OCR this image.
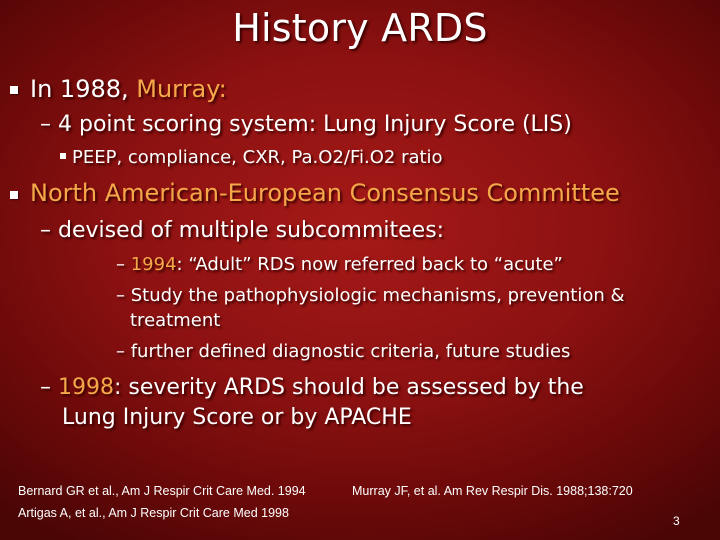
History ARDS
In 1988, Murray:
– 4 point scoring system: Lung Injury Score (LIS)
PEEP, compliance, CXR, Pa.O2/Fi.O2 ratio
North American-European Consensus Committee
– devised of multiple subcommitees:
– 1994: “Adult” RDS now referred back to “acute”
– Study the pathophysiologic mechanisms, prevention &
treatment
– further defined diagnostic criteria, future studies
– 1998: severity ARDS should be assessed by the
Lung Injury Score or by APACHE
Bernard GR et al., Am J Respir Crit Care Med. 1994
Artigas A, et al., Am J Respir Crit Care Med 1998
Murray JF, et al. Am Rev Respir Dis. 1988;138:720
3
